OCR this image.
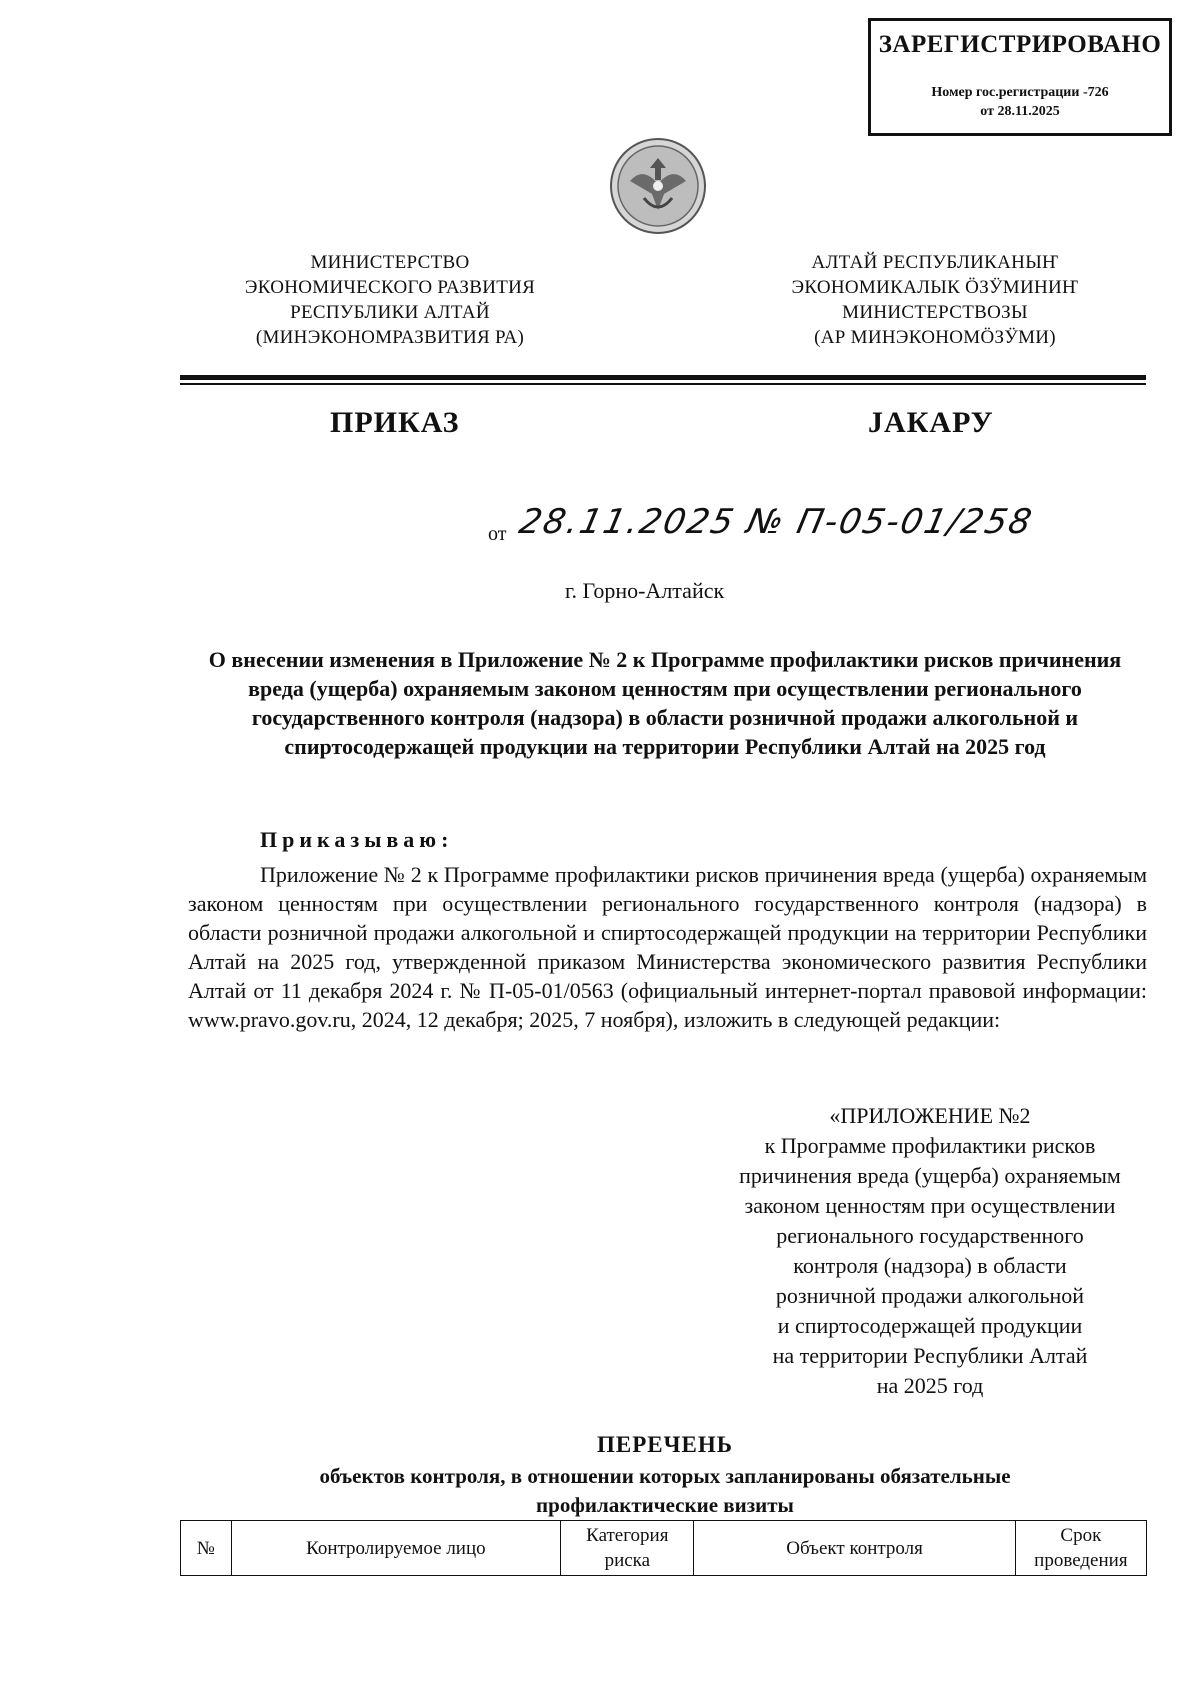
ЗАРЕГИСТРИРОВАНО
Номер гос.регистрации -726
от 28.11.2025
МИНИСТЕРСТВО
ЭКОНОМИЧЕСКОГО РАЗВИТИЯ
РЕСПУБЛИКИ АЛТАЙ
(МИНЭКОНОМРАЗВИТИЯ РА)
АЛТАЙ РЕСПУБЛИКАНЫҤ
ЭКОНОМИКАЛЫК ÖЗӰМИНИҤ
МИНИСТЕРСТВОЗЫ
(АР МИНЭКОНОМÖЗӰМИ)
ПРИКАЗ	JАКАРУ
от 28.11.2025 № П-05-01/258
г. Горно-Алтайск
О внесении изменения в Приложение № 2 к Программе профилактики рисков причинения вреда (ущерба) охраняемым законом ценностям при осуществлении регионального государственного контроля (надзора) в области розничной продажи алкогольной и спиртосодержащей продукции на территории Республики Алтай на 2025 год
Приказываю:

Приложение № 2 к Программе профилактики рисков причинения вреда (ущерба) охраняемым законом ценностям при осуществлении регионального государственного контроля (надзора) в области розничной продажи алкогольной и спиртосодержащей продукции на территории Республики Алтай на 2025 год, утвержденной приказом Министерства экономического развития Республики Алтай от 11 декабря 2024 г. № П-05-01/0563 (официальный интернет-портал правовой информации: www.pravo.gov.ru, 2024, 12 декабря; 2025, 7 ноября), изложить в следующей редакции:

«ПРИЛОЖЕНИЕ №2
к Программе профилактики рисков
причинения вреда (ущерба) охраняемым
законом ценностям при осуществлении
регионального государственного
контроля (надзора) в области
розничной продажи алкогольной
и спиртосодержащей продукции
на территории Республики Алтай
на 2025 год
ПЕРЕЧЕНЬ
объектов контроля, в отношении которых запланированы обязательные
профилактические визиты
№	Контролируемое лицо	Категория риска	Объект контроля	Срок проведения
